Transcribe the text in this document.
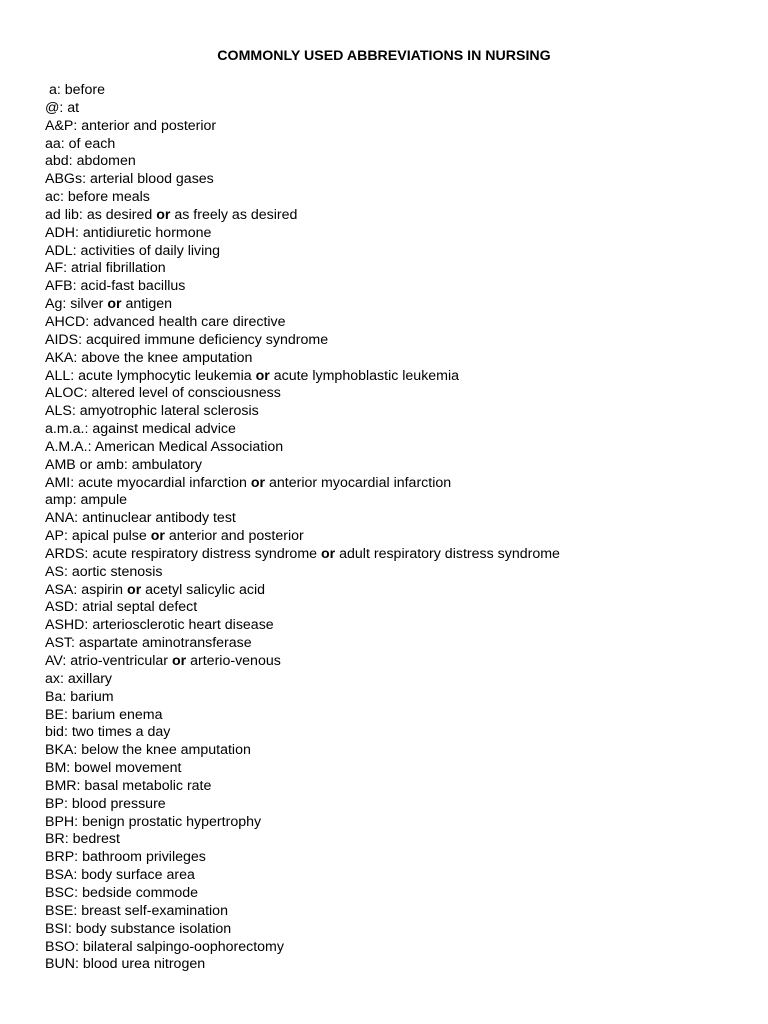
COMMONLY USED ABBREVIATIONS IN NURSING
a: before
@: at
A&P: anterior and posterior
aa: of each
abd: abdomen
ABGs: arterial blood gases
ac: before meals
ad lib: as desired or as freely as desired
ADH: antidiuretic hormone
ADL: activities of daily living
AF: atrial fibrillation
AFB: acid-fast bacillus
Ag: silver or antigen
AHCD: advanced health care directive
AIDS: acquired immune deficiency syndrome
AKA: above the knee amputation
ALL: acute lymphocytic leukemia or acute lymphoblastic leukemia
ALOC: altered level of consciousness
ALS: amyotrophic lateral sclerosis
a.m.a.: against medical advice
A.M.A.: American Medical Association
AMB or amb: ambulatory
AMI: acute myocardial infarction or anterior myocardial infarction
amp: ampule
ANA: antinuclear antibody test
AP: apical pulse or anterior and posterior
ARDS: acute respiratory distress syndrome or adult respiratory distress syndrome
AS: aortic stenosis
ASA: aspirin or acetyl salicylic acid
ASD: atrial septal defect
ASHD: arteriosclerotic heart disease
AST: aspartate aminotransferase
AV: atrio-ventricular or arterio-venous
ax: axillary
Ba: barium
BE: barium enema
bid: two times a day
BKA: below the knee amputation
BM: bowel movement
BMR: basal metabolic rate
BP: blood pressure
BPH: benign prostatic hypertrophy
BR: bedrest
BRP: bathroom privileges
BSA: body surface area
BSC: bedside commode
BSE: breast self-examination
BSI: body substance isolation
BSO: bilateral salpingo-oophorectomy
BUN: blood urea nitrogen
